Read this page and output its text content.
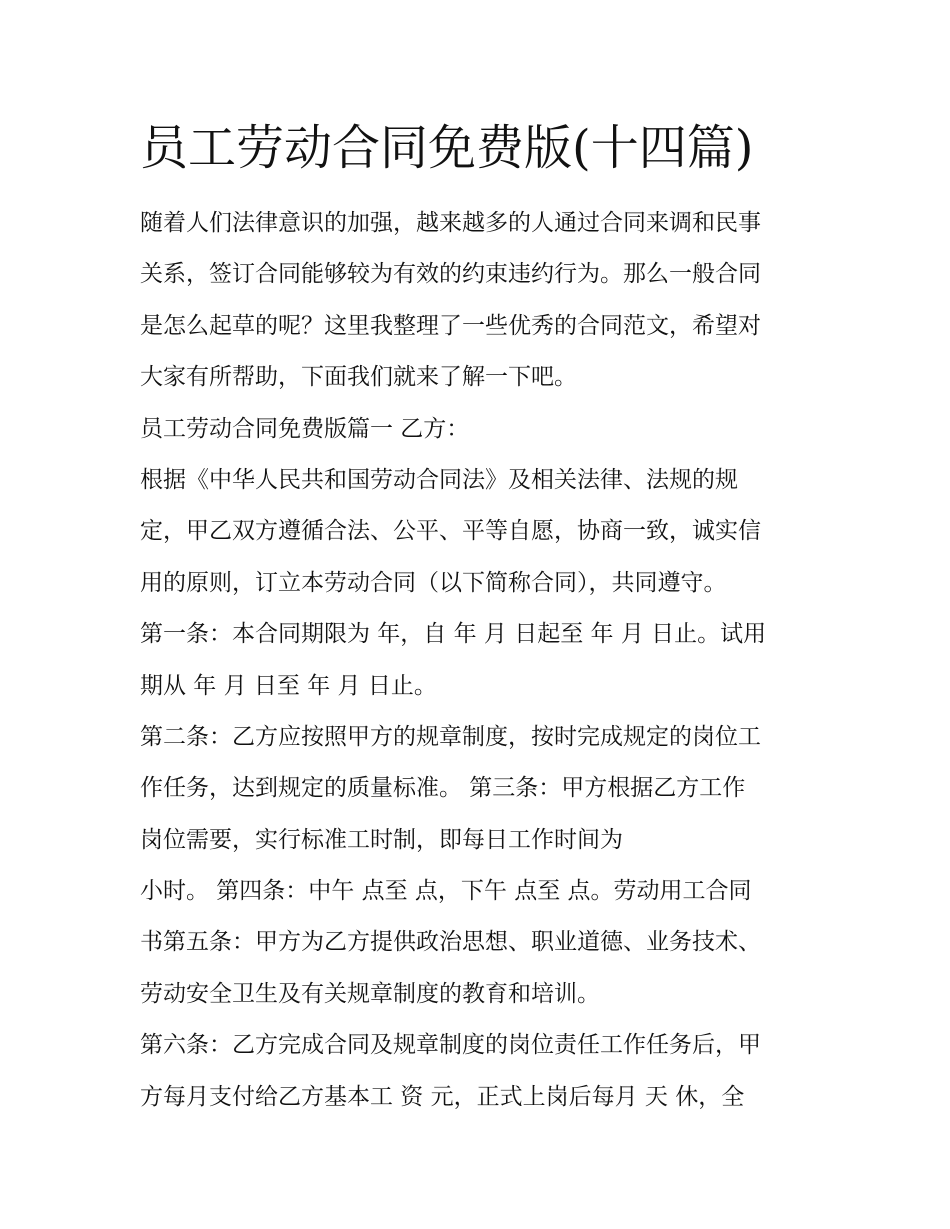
员工劳动合同免费版(十四篇)
随着人们法律意识的加强，越来越多的人通过合同来调和民事
关系，签订合同能够较为有效的约束违约行为。那么一般合同
是怎么起草的呢？这里我整理了一些优秀的合同范文，希望对
大家有所帮助，下面我们就来了解一下吧。
员工劳动合同免费版篇一 乙方：
根据《中华人民共和国劳动合同法》及相关法律、法规的规
定，甲乙双方遵循合法、公平、平等自愿，协商一致，诚实信
用的原则，订立本劳动合同（以下简称合同），共同遵守。
第一条：本合同期限为 年，自 年 月 日起至 年 月 日止。试用
期从 年 月 日至 年 月 日止。
第二条：乙方应按照甲方的规章制度，按时完成规定的岗位工
作任务，达到规定的质量标准。 第三条：甲方根据乙方工作
岗位需要，实行标准工时制，即每日工作时间为
小时。 第四条：中午 点至 点，下午 点至 点。劳动用工合同
书第五条：甲方为乙方提供政治思想、职业道德、业务技术、
劳动安全卫生及有关规章制度的教育和培训。
第六条：乙方完成合同及规章制度的岗位责任工作任务后，甲
方每月支付给乙方基本工 资 元，正式上岗后每月 天 休，全
